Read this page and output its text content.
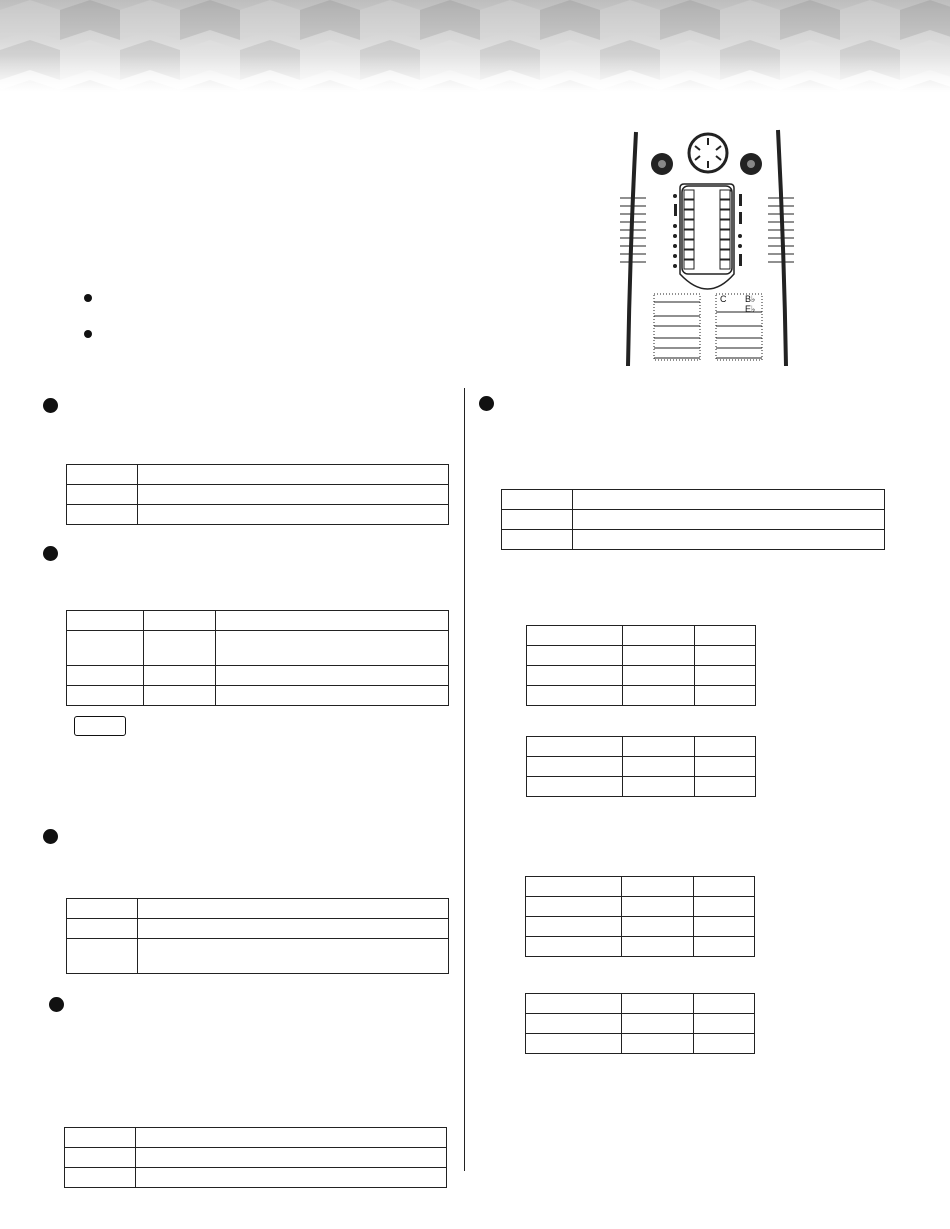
C B♭
E♭
